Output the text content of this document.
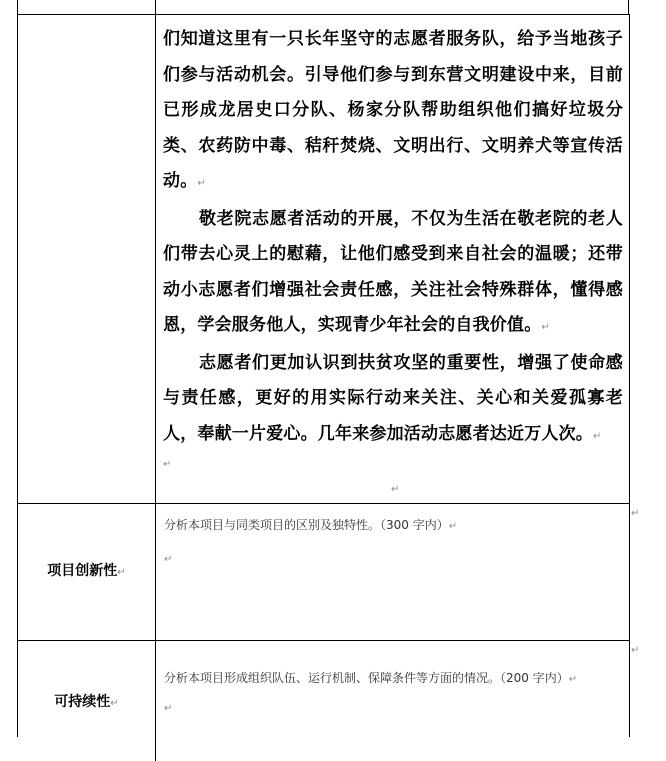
们知道这里有一只长年坚守的志愿者服务队，给予当地孩子们参与活动机会。引导他们参与到东营文明建设中来，目前已形成龙居史口分队、杨家分队帮助组织他们搞好垃圾分类、农药防中毒、秸秆焚烧、文明出行、文明养犬等宣传活动。↵

敬老院志愿者活动的开展，不仅为生活在敬老院的老人们带去心灵上的慰藉，让他们感受到来自社会的温暖；还带动小志愿者们增强社会责任感，关注社会特殊群体，懂得感恩，学会服务他人，实现青少年社会的自我价值。↵

志愿者们更加认识到扶贫攻坚的重要性，增强了使命感与责任感，更好的用实际行动来关注、关心和关爱孤寡老人，奉献一片爱心。几年来参加活动志愿者达近万人次。↵

↵
↵
项目创新性↵
分析本项目与同类项目的区别及独特性。（300 字内）↵
↵
↵
可持续性↵
分析本项目形成组织队伍、运行机制、保障条件等方面的情况。（200 字内）↵
↵
↵
